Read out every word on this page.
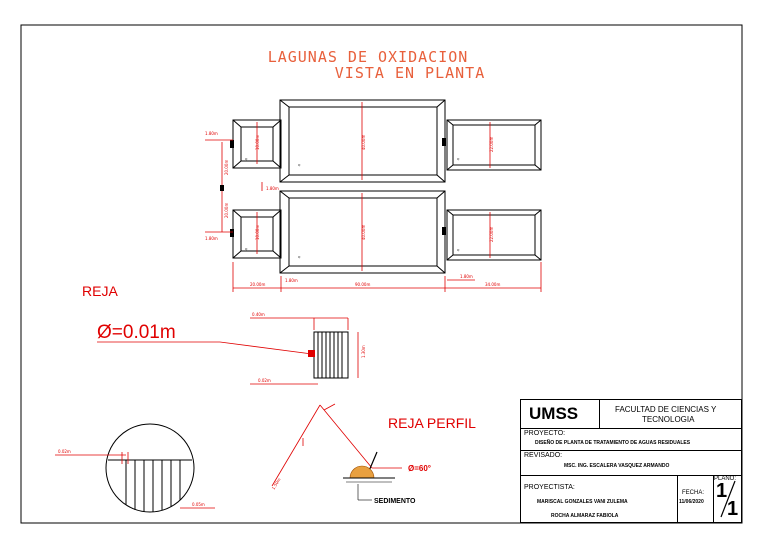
LAGUNAS DE OXIDACION
VISTA EN PLANTA
Q
Q
Q
Q
Q
Q
1.80m
1.80m
20.00m
20.00m
10.00m
10.00m
1.80m
40.00m
40.00m
22.00m
22.00m
20.00m
1.80m
90.00m
1.80m
34.00m
REJA
Ø=0.01m
0.40m
1.30m
0.02m
0.02m
0.05m
REJA PERFIL
1.50m
Ø=60°
SEDIMENTO
UMSS	FACULTAD DE CIENCIAS Y
TECNOLOGIA
PROYECTO:
DISEÑO DE PLANTA DE TRATAMIENTO DE AGUAS RESIDUALES
REVISADO:
MSC. ING. ESCALERA VASQUEZ ARMANDO
PROYECTISTA:
MARISCAL GONZALES VANI ZULEMA
ROCHA ALMARAZ FABIOLA
FECHA:
11/06/2020
PLANO:
1
1
